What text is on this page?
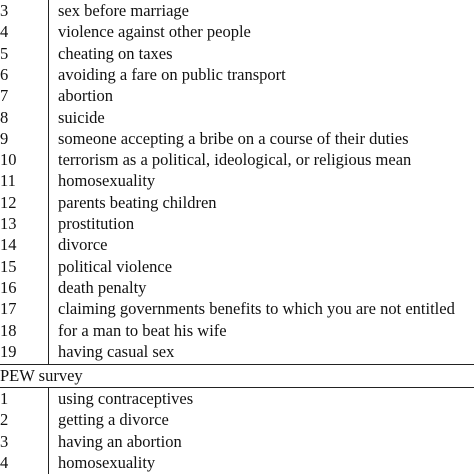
3	sex before marriage
4	violence against other people
5	cheating on taxes
6	avoiding a fare on public transport
7	abortion
8	suicide
9	someone accepting a bribe on a course of their duties
10	terrorism as a political, ideological, or religious mean
11	homosexuality
12	parents beating children
13	prostitution
14	divorce
15	political violence
16	death penalty
17	claiming governments benefits to which you are not entitled
18	for a man to beat his wife
19	having casual sex
PEW survey
1	using contraceptives
2	getting a divorce
3	having an abortion
4	homosexuality
